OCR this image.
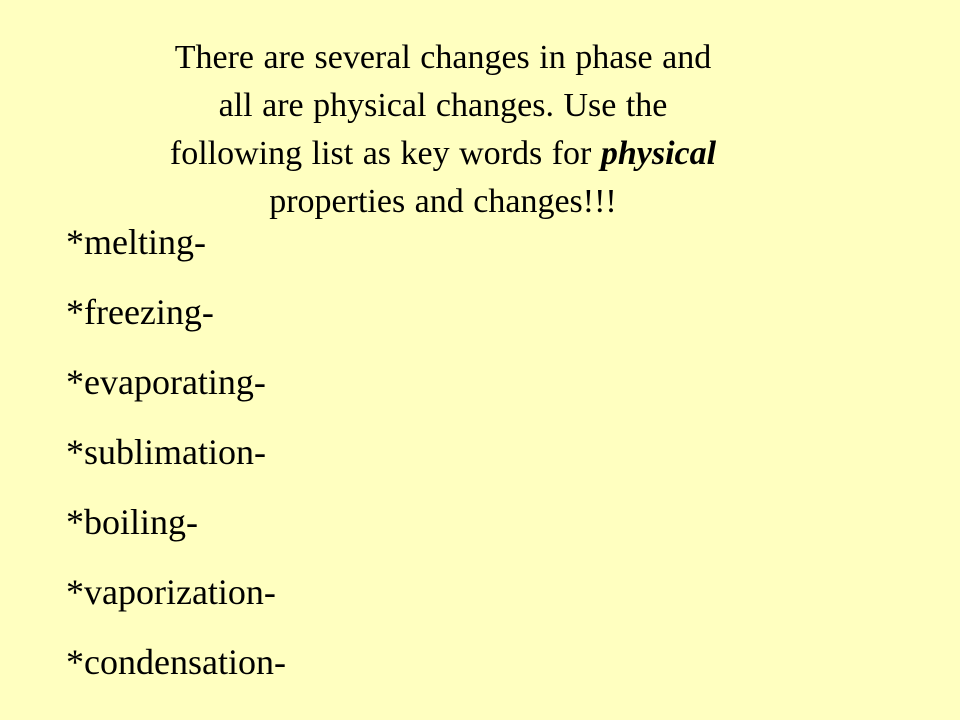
There are several changes in phase and
all are physical changes. Use the
following list as key words for physical
properties and changes!!!
*melting-
*freezing-
*evaporating-
*sublimation-
*boiling-
*vaporization-
*condensation-
